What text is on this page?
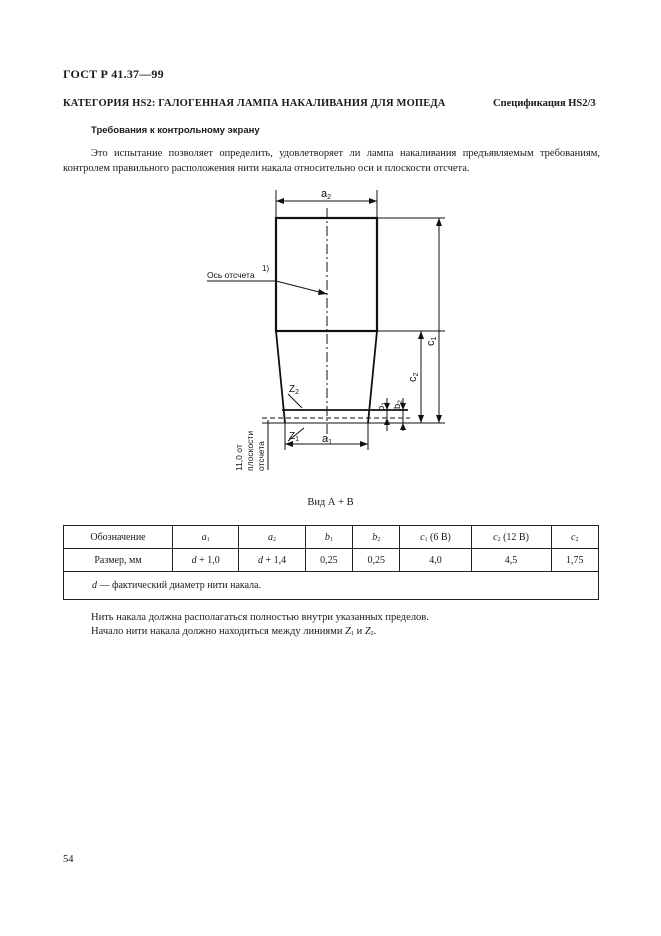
ГОСТ Р 41.37—99
КАТЕГОРИЯ HS2: ГАЛОГЕННАЯ ЛАМПА НАКАЛИВАНИЯ ДЛЯ МОПЕДА	Спецификация HS2/3
Требования к контрольному экрану
Это испытание позволяет определить, удовлетворяет ли лампа накаливания предъявляемым требованиям, контролем правильного расположения нити накала относительно оси и плоскости отсчета.
a2
Ось отсчета
1)
$Z_2$
$Z_1$ a1
c1
c2
$b_1$ $b_2$
11,0 от плоскости отсчета
Вид А + В
Обозначение	$a_1$	$a_2$	$b_1$	$b_2$	$c_1$ (6 В)	$c_2$ (12 В)	$c_2$
Размер, мм	d + 1,0	d + 1,4	0,25	0,25	4,0	4,5	1,75
d — фактический диаметр нити накала.							
Нить накала должна располагаться полностью внутри указанных пределов.
Начало нити накала должно находиться между линиями $Z_1$ и $Z_2$.
54
